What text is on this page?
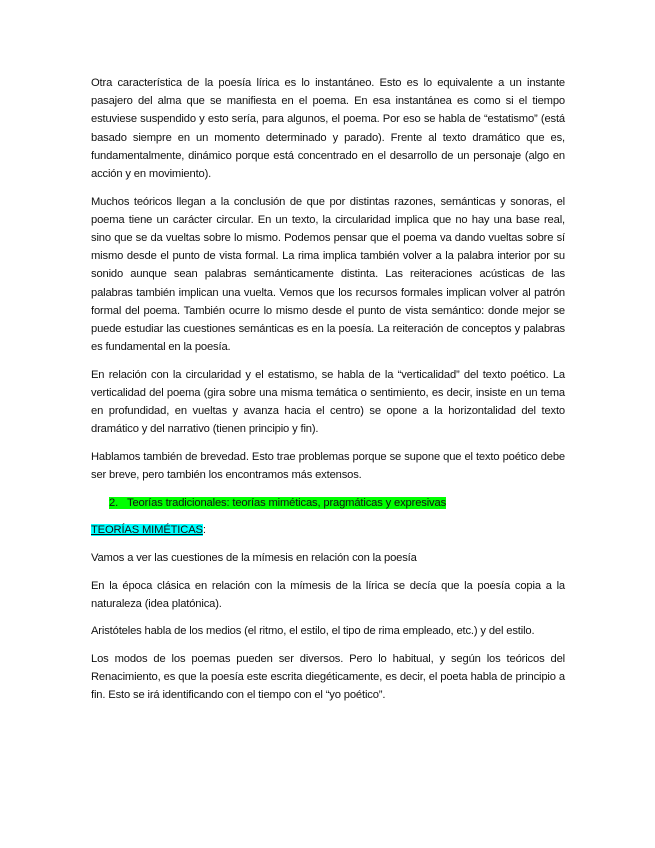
Otra característica de la poesía lírica es lo instantáneo. Esto es lo equivalente a un instante pasajero del alma que se manifiesta en el poema. En esa instantánea es como si el tiempo estuviese suspendido y esto sería, para algunos, el poema. Por eso se habla de “estatismo” (está basado siempre en un momento determinado y parado). Frente al texto dramático que es, fundamentalmente, dinámico porque está concentrado en el desarrollo de un personaje (algo en acción y en movimiento).

Muchos teóricos llegan a la conclusión de que por distintas razones, semánticas y sonoras, el poema tiene un carácter circular. En un texto, la circularidad implica que no hay una base real, sino que se da vueltas sobre lo mismo. Podemos pensar que el poema va dando vueltas sobre sí mismo desde el punto de vista formal. La rima implica también volver a la palabra interior por su sonido aunque sean palabras semánticamente distinta. Las reiteraciones acústicas de las palabras también implican una vuelta. Vemos que los recursos formales implican volver al patrón formal del poema. También ocurre lo mismo desde el punto de vista semántico: donde mejor se puede estudiar las cuestiones semánticas es en la poesía. La reiteración de conceptos y palabras es fundamental en la poesía.

En relación con la circularidad y el estatismo, se habla de la “verticalidad” del texto poético. La verticalidad del poema (gira sobre una misma temática o sentimiento, es decir, insiste en un tema en profundidad, en vueltas y avanza hacia el centro) se opone a la horizontalidad del texto dramático y del narrativo (tienen principio y fin).

Hablamos también de brevedad. Esto trae problemas porque se supone que el texto poético debe ser breve, pero también los encontramos más extensos.

2. Teorías tradicionales: teorías miméticas, pragmáticas y expresivas

TEORÍAS MIMÉTICAS:

Vamos a ver las cuestiones de la mímesis en relación con la poesía

En la época clásica en relación con la mímesis de la lírica se decía que la poesía copia a la naturaleza (idea platónica).

Aristóteles habla de los medios (el ritmo, el estilo, el tipo de rima empleado, etc.) y del estilo.

Los modos de los poemas pueden ser diversos. Pero lo habitual, y según los teóricos del Renacimiento, es que la poesía este escrita diegéticamente, es decir, el poeta habla de principio a fin. Esto se irá identificando con el tiempo con el “yo poético”.
